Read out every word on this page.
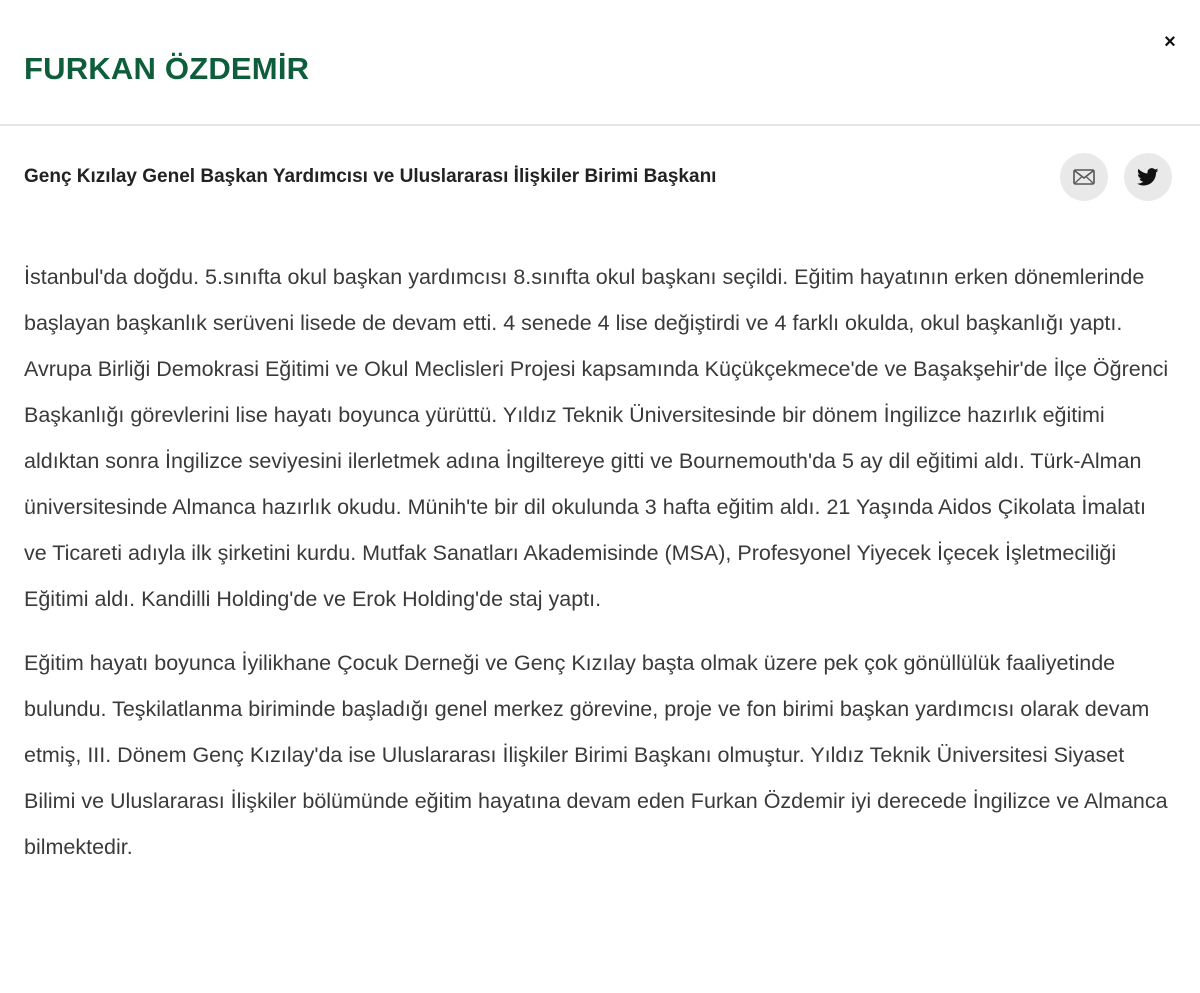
FURKAN ÖZDEMİR
×
Genç Kızılay Genel Başkan Yardımcısı ve Uluslararası İlişkiler Birimi Başkanı

İstanbul'da doğdu. 5.sınıfta okul başkan yardımcısı 8.sınıfta okul başkanı seçildi. Eğitim hayatının erken dönemlerinde başlayan başkanlık serüveni lisede de devam etti. 4 senede 4 lise değiştirdi ve 4 farklı okulda, okul başkanlığı yaptı. Avrupa Birliği Demokrasi Eğitimi ve Okul Meclisleri Projesi kapsamında Küçükçekmece'de ve Başakşehir'de İlçe Öğrenci Başkanlığı görevlerini lise hayatı boyunca yürüttü. Yıldız Teknik Üniversitesinde bir dönem İngilizce hazırlık eğitimi aldıktan sonra İngilizce seviyesini ilerletmek adına İngiltereye gitti ve Bournemouth'da 5 ay dil eğitimi aldı. Türk-Alman üniversitesinde Almanca hazırlık okudu. Münih'te bir dil okulunda 3 hafta eğitim aldı. 21 Yaşında Aidos Çikolata İmalatı ve Ticareti adıyla ilk şirketini kurdu. Mutfak Sanatları Akademisinde (MSA), Profesyonel Yiyecek İçecek İşletmeciliği Eğitimi aldı. Kandilli Holding'de ve Erok Holding'de staj yaptı.

Eğitim hayatı boyunca İyilikhane Çocuk Derneği ve Genç Kızılay başta olmak üzere pek çok gönüllülük faaliyetinde bulundu. Teşkilatlanma biriminde başladığı genel merkez görevine, proje ve fon birimi başkan yardımcısı olarak devam etmiş, III. Dönem Genç Kızılay'da ise Uluslararası İlişkiler Birimi Başkanı olmuştur. Yıldız Teknik Üniversitesi Siyaset Bilimi ve Uluslararası İlişkiler bölümünde eğitim hayatına devam eden Furkan Özdemir iyi derecede İngilizce ve Almanca bilmektedir.
